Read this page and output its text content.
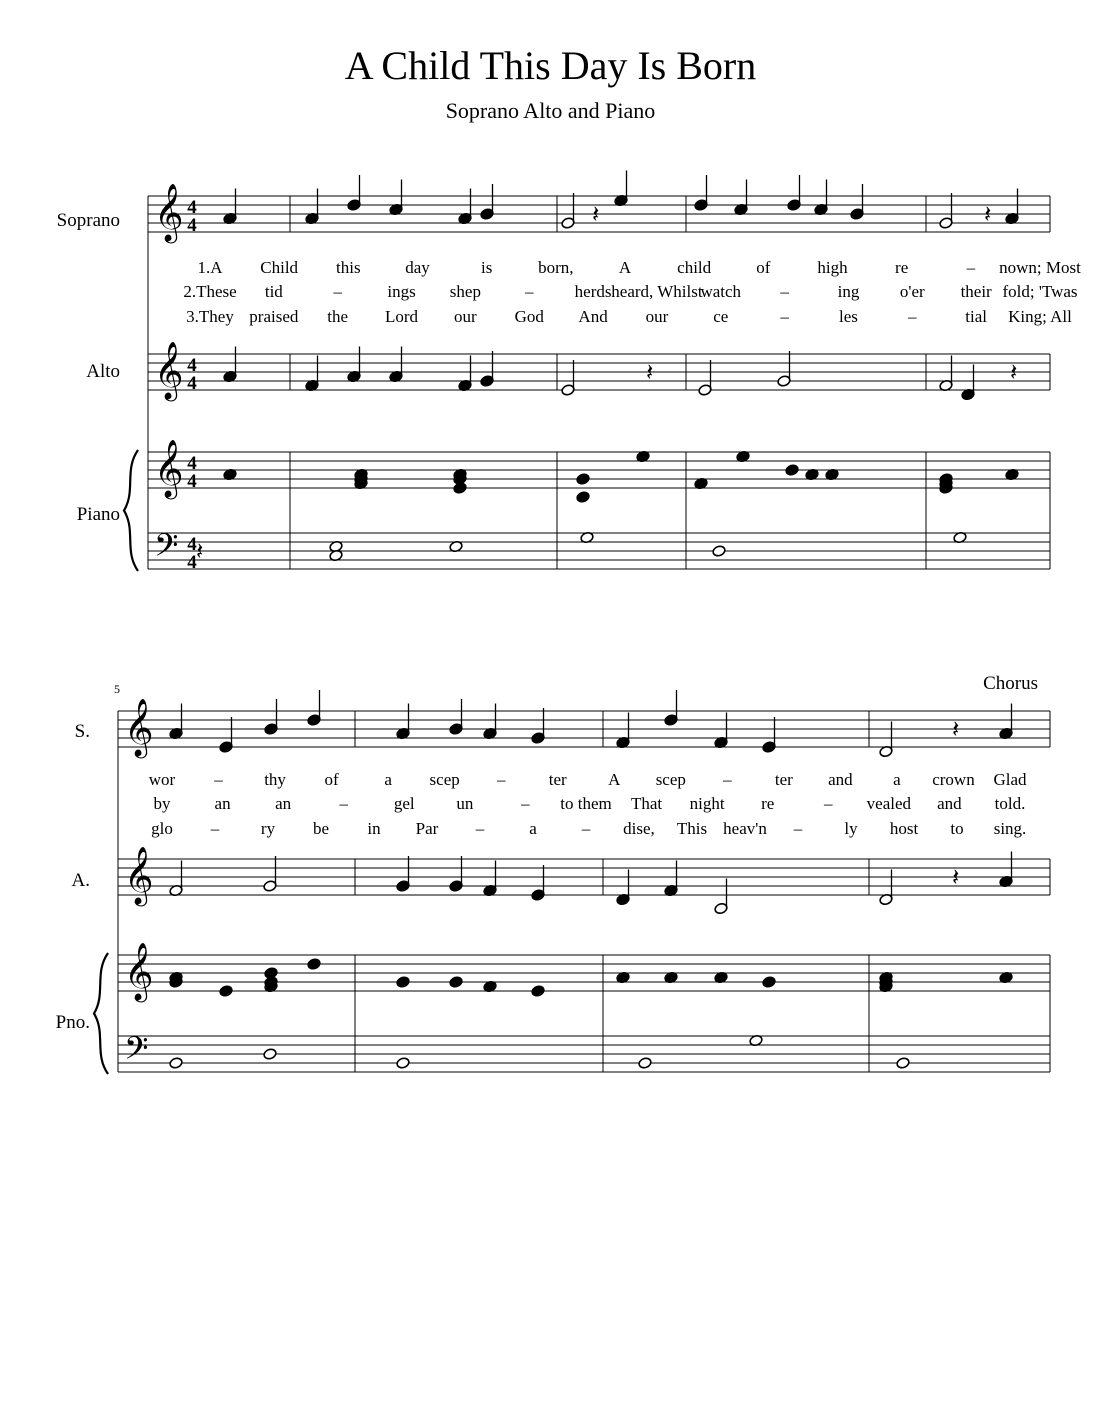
A Child This Day Is Born
Soprano Alto and Piano
𝄞
𝄞
𝄞
𝄢
4
4
4
4
4
4
4
4
Soprano
Alto
Piano
1.A Child this	day	is	born,	A	child	of	high	re	– nown; Most
2.These tid	–	ings shep	– herds heard, Whilst
watch –	ing o'er their fold; 'Twas
3.They praised the Lord our God And our	ce	–	les	–	tial King; All
𝄽	𝄽
𝄽	𝄽
𝄽
𝄞
𝄞
𝄞
𝄢
S.
A.
Pno.
5	Chorus
wor – thy of	a scep –	ter A scep –	ter and a crown Glad
by	an	an	–	gel un	– to them That night re	– vealed and told.
glo – ry be in Par –	a	– dise, This heav'n – ly host to sing.
𝄽
𝄽
